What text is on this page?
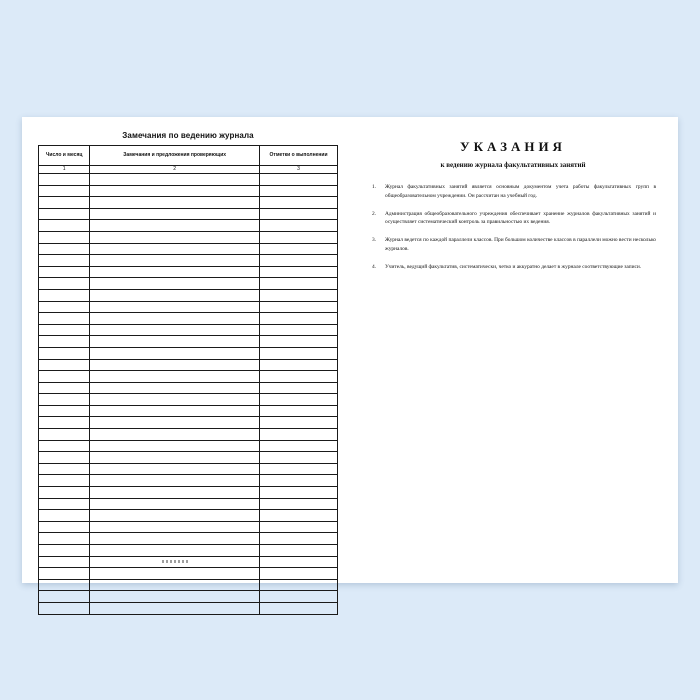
Замечания по ведению журнала
Число и месяц	Замечания и предложения проверяющих	Отметки о выполнении
1	2	3

УКАЗАНИЯ
к ведению журнала факультативных занятий
1. Журнал факультативных занятий является основным документом учета работы факультативных групп в общеобразовательном учреждении. Он рассчитан на учебный год.
2. Администрация общеобразовательного учреждения обеспечивает хранение журналов факультативных занятий и осуществляет систематический контроль за правильностью их ведения.
3. Журнал ведется по каждой параллели классов. При большом количестве классов в параллели можно вести несколько журналов.
4. Учитель, ведущий факультатив, систематически, четко и аккуратно делает в журнале соответствующие записи.
